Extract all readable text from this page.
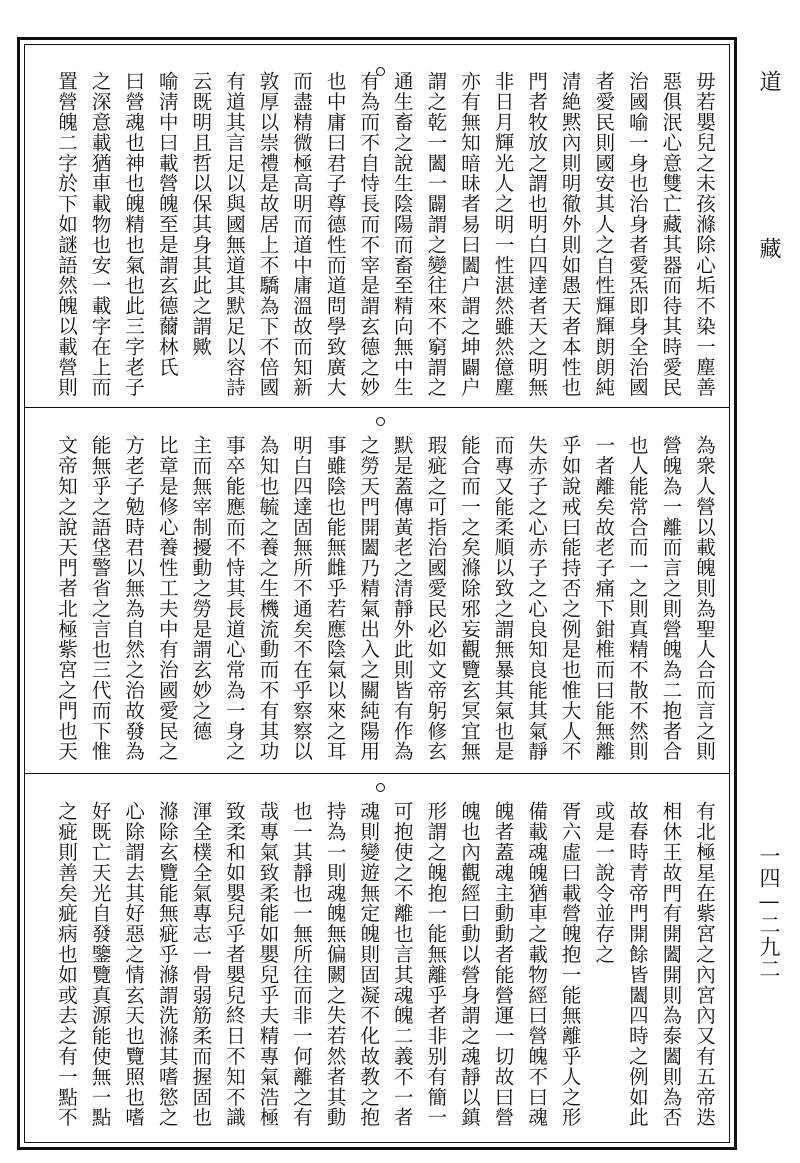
毋若嬰兒之未孩滌除心垢不染一塵善
惡俱泯心意雙亡藏其器而待其時愛民
治國喻一身也治身者愛炁即身全治國
者愛民則國安其人之自性輝輝朗朗純
清絶黙內則明徹外則如愚天者本性也
門者牧放之謂也明白四達者天之明無
非日月輝光人之明一性湛然雖然億塵
亦有無知暗昧者易曰闔户謂之坤闢户
謂之乾一闔一闢謂之變往來不窮謂之
通生畜之說生陰陽而畜至精向無中生
有為而不自恃長而不宰是謂玄德之妙
也中庸曰君子尊德性而道問學致廣大
而盡精微極高明而道中庸溫故而知新
敦厚以崇禮是故居上不驕為下不倍國
有道其言足以與國無道其默足以容詩
云既明且哲以保其身其此之謂歟
喻淸中曰載營魄至是謂玄德薾林氏
曰營魂也神也魄精也氣也此三字老子
之深意載猶車載物也安一載字在上而
置營魄二字於下如謎語然魄以載營則
為衆人營以載魄則為聖人合而言之則
營魄為一離而言之則營魄為二抱者合
也人能常合而一之則真精不散不然則
一者離矣故老子痛下鉗椎而曰能無離
乎如說戒曰能持否之例是也惟大人不
失赤子之心赤子之心良知良能其氣靜
而專又能柔順以致之謂無暴其氣也是
能合而一之矣滌除邪妄觀覽玄冥宜無
瑕疵之可指治國愛民必如文帝躬修玄
默是蓋傳黃老之清靜外此則皆有作為
之勞天門開闔乃精氣出入之關純陽用
事雖陰也能無雌乎若應陰氣以來之耳
明白四達固無所不通矣不在乎察察以
為知也毓之養之生機流動而不有其功
事卒能應而不恃其長道心常為一身之
主而無宰制擾動之勞是謂玄妙之德
比章是修心養性工夫中有治國愛民之
方老子勉時君以無為自然之治故發為
能無乎之語垡警省之言也三代而下惟
文帝知之說天門者北極紫宮之門也天
有北極星在紫宮之內宮內又有五帝迭
相休王故門有開闔開則為泰闔則為否
故春時青帝門開餘皆闔四時之例如此
或是一說令並存之
胥六虛曰載營魄抱一能無離乎人之形
備載魂魄猶車之載物經曰營魄不曰魂
魄者蓋魂主動動者能營運一切故曰營
魄也內觀經曰動以營身謂之魂靜以鎮
形謂之魄抱一能無離乎者非别有簡一
可抱使之不離也言其魂魄二義不一者
魂則變遊無定魄則固凝不化故教之抱
持為一則魂魄無偏闕之失若然者其動
也一其靜也一無所往而非一何離之有
哉專氣致柔能如嬰兒乎夫精專氣浩極
致柔和如嬰兒乎者嬰兒終日不知不識
渾全樸全氣專志一骨弱筋柔而握固也
滌除玄覽能無疵乎滌謂洗滌其嗜慾之
心除謂去其好惡之情玄天也覽照也嗜
好既亡天光自發鑒覽真源能使無一點
之疵則善矣疵病也如或去之有一點不
道 藏
一四—二九二
